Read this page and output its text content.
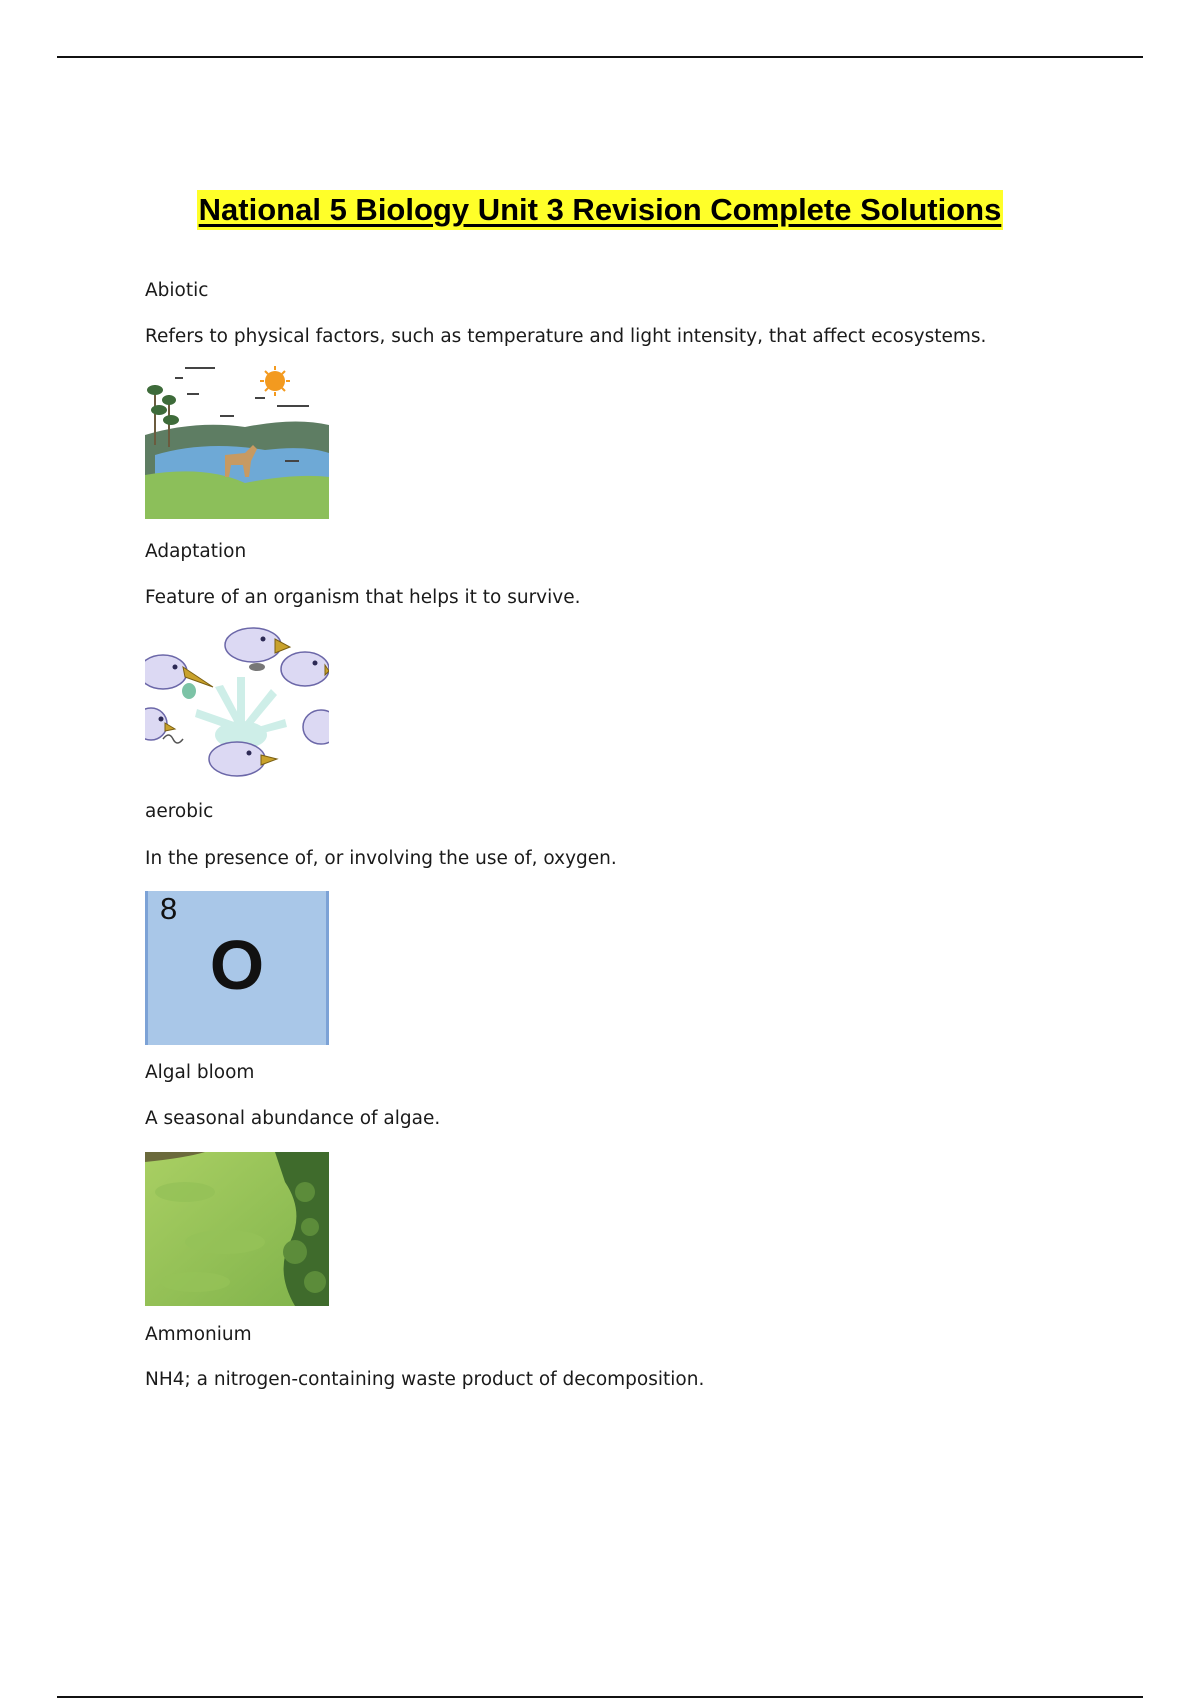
National 5 Biology Unit 3 Revision Complete Solutions
Abiotic
Refers to physical factors, such as temperature and light intensity, that affect ecosystems.
Adaptation
Feature of an organism that helps it to survive.
aerobic
In the presence of, or involving the use of, oxygen.
8
O
Algal bloom
A seasonal abundance of algae.
Ammonium
NH4; a nitrogen-containing waste product of decomposition.
